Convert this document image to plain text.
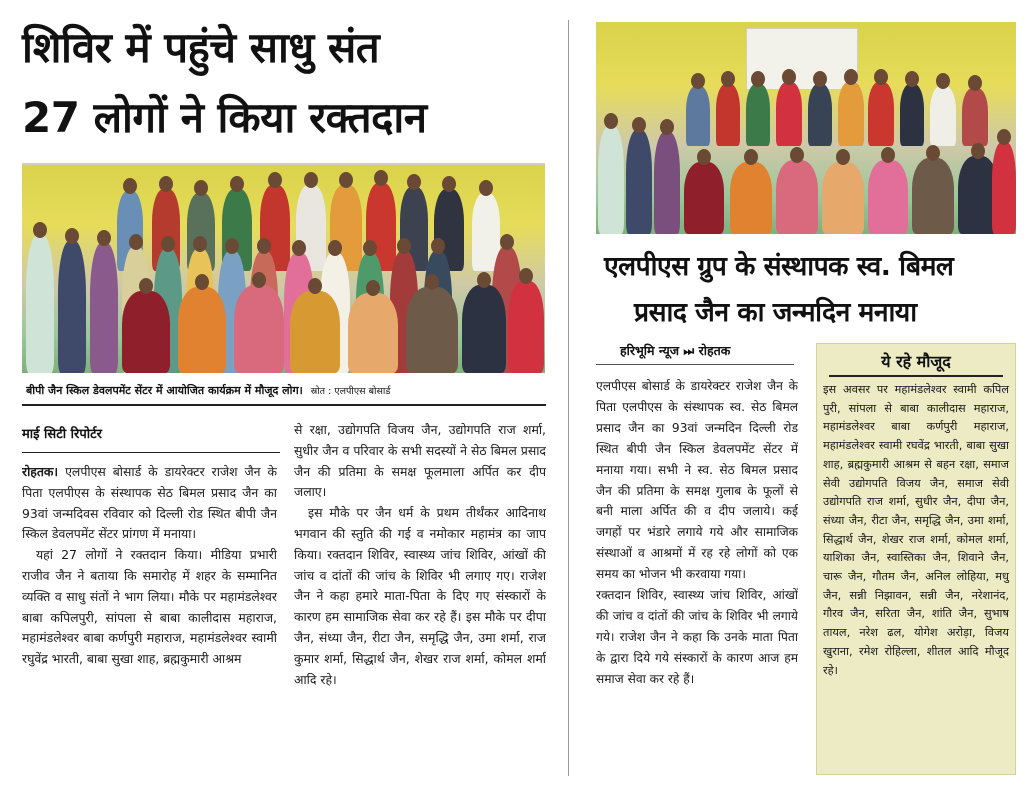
शिविर में पहुंचे साधु संत
27 लोगों ने किया रक्तदान
बीपी जैन स्किल डेवलपमेंट सेंटर में आयोजित कार्यक्रम में मौजूद लोग। स्रोत : एलपीएस बोसार्ड
माई सिटी रिपोर्टर

रोहतक। एलपीएस बोसार्ड के डायरेक्टर राजेश जैन के पिता एलपीएस के संस्थापक सेठ बिमल प्रसाद जैन का 93वां जन्मदिवस रविवार को दिल्ली रोड स्थित बीपी जैन स्किल डेवलपमेंट सेंटर प्रांगण में मनाया।

यहां 27 लोगों ने रक्तदान किया। मीडिया प्रभारी राजीव जैन ने बताया कि समारोह में शहर के सम्मानित व्यक्ति व साधु संतों ने भाग लिया। मौके पर महामंडलेश्वर बाबा कपिलपुरी, सांपला से बाबा कालीदास महाराज, महामंडलेश्वर बाबा कर्णपुरी महाराज, महामंडलेश्वर स्वामी रघुवेंद्र भारती, बाबा सुखा शाह, ब्रह्मकुमारी आश्रम

से रक्षा, उद्योगपति विजय जैन, उद्योगपति राज शर्मा, सुधीर जैन व परिवार के सभी सदस्यों ने सेठ बिमल प्रसाद जैन की प्रतिमा के समक्ष फूलमाला अर्पित कर दीप जलाए।

इस मौके पर जैन धर्म के प्रथम तीर्थंकर आदिनाथ भगवान की स्तुति की गई व नमोकार महामंत्र का जाप किया। रक्तदान शिविर, स्वास्थ्य जांच शिविर, आंखों की जांच व दांतों की जांच के शिविर भी लगाए गए। राजेश जैन ने कहा हमारे माता-पिता के दिए गए संस्कारों के कारण हम सामाजिक सेवा कर रहे हैं। इस मौके पर दीपा जैन, संध्या जैन, रीटा जैन, समृद्धि जैन, उमा शर्मा, राज कुमार शर्मा, सिद्धार्थ जैन, शेखर राज शर्मा, कोमल शर्मा आदि रहे।

एलपीएस ग्रुप के संस्थापक स्व. बिमल
प्रसाद जैन का जन्मदिन मनाया
हरिभूमि न्यूज ⏭ रोहतक

एलपीएस बोसार्ड के डायरेक्टर राजेश जैन के पिता एलपीएस के संस्थापक स्व. सेठ बिमल प्रसाद जैन का 93वां जन्मदिन दिल्ली रोड स्थित बीपी जैन स्किल डेवलपमेंट सेंटर में मनाया गया। सभी ने स्व. सेठ बिमल प्रसाद जैन की प्रतिमा के समक्ष गुलाब के फूलों से बनी माला अर्पित की व दीप जलाये। कई जगहों पर भंडारे लगाये गये और सामाजिक संस्थाओं व आश्रमों में रह रहे लोगों को एक समय का भोजन भी करवाया गया।

रक्तदान शिविर, स्वास्थ्य जांच शिविर, आंखों की जांच व दांतों की जांच के शिविर भी लगाये गये। राजेश जैन ने कहा कि उनके माता पिता के द्वारा दिये गये संस्कारों के कारण आज हम समाज सेवा कर रहे हैं।

ये रहे मौजूद
इस अवसर पर महामंडलेश्वर स्वामी कपिल पुरी, सांपला से बाबा कालीदास महाराज, महामंडलेश्वर बाबा कर्णपुरी महाराज, महामंडलेश्वर स्वामी रघवेंद्र भारती, बाबा सुखा शाह, ब्रह्मकुमारी आश्रम से बहन रक्षा, समाज सेवी उद्योगपति विजय जैन, समाज सेवी उद्योगपति राज शर्मा, सुधीर जैन, दीपा जैन, संध्या जैन, रीटा जैन, समृद्धि जैन, उमा शर्मा, सिद्धार्थ जैन, शेखर राज शर्मा, कोमल शर्मा, याशिका जैन, स्वास्तिका जैन, शिवाने जैन, चारू जैन, गौतम जैन, अनिल लोहिया, मधु जैन, सन्नी निझावन, सन्नी जैन, नरेशानंद, गौरव जैन, सरिता जैन, शांति जैन, सुभाष तायल, नरेश ढल, योगेश अरोड़ा, विजय खुराना, रमेश रोहिल्ला, शीतल आदि मौजूद रहे।
